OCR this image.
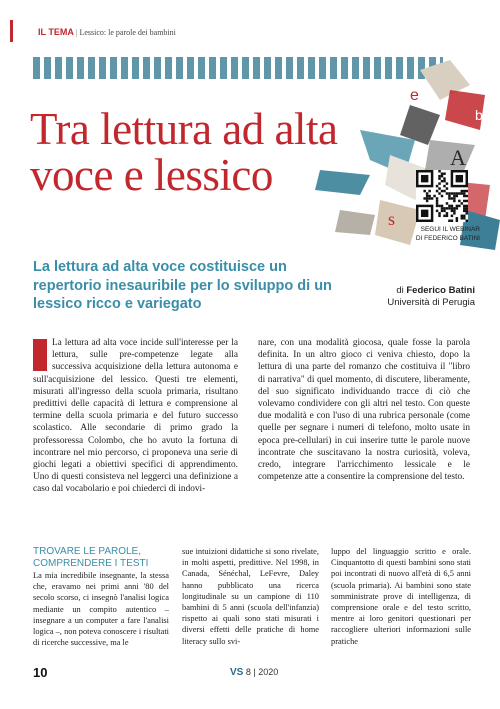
IL TEMA | Lessico: le parole dei bambini
A
e
s
b
Tra lettura ad alta
voce e lessico
SEGUI IL WEBINAR
DI FEDERICO BATINI
La lettura ad alta voce costituisce un repertorio inesauribile per lo sviluppo di un lessico ricco e variegato
di Federico Batini
Università di Perugia
La lettura ad alta voce incide sull'interesse per la lettura, sulle pre-competenze legate alla successiva acquisizione della lettura autonoma e sull'acquisizione del lessico. Questi tre elementi, misurati all'ingresso della scuola primaria, risultano predittivi delle capacità di lettura e comprensione al termine della scuola primaria e del futuro successo scolastico. Alle secondarie di primo grado la professoressa Colombo, che ho avuto la fortuna di incontrare nel mio percorso, ci proponeva una serie di giochi legati a obiettivi specifici di apprendimento. Uno di questi consisteva nel leggerci una definizione a caso dal vocabolario e poi chiederci di indovi-
nare, con una modalità giocosa, quale fosse la parola definita. In un altro gioco ci veniva chiesto, dopo la lettura di una parte del romanzo che costituiva il "libro di narrativa" di quel momento, di discutere, liberamente, del suo significato individuando tracce di ciò che volevamo condividere con gli altri nel testo. Con queste due modalità e con l'uso di una rubrica personale (come quelle per segnare i numeri di telefono, molto usate in epoca pre-cellulari) in cui inserire tutte le parole nuove incontrate che suscitavano la nostra curiosità, voleva, credo, integrare l'arricchimento lessicale e le competenze atte a consentire la comprensione del testo.
TROVARE LE PAROLE, COMPRENDERE I TESTI
La mia incredibile insegnante, la stessa che, eravamo nei primi anni '80 del secolo scorso, ci insegnò l'analisi logica mediante un compito autentico – insegnare a un computer a fare l'analisi logica –, non poteva conoscere i risultati di ricerche successive, ma le
sue intuizioni didattiche si sono rivelate, in molti aspetti, predittive. Nel 1998, in Canada, Sénéchal, LeFevre, Daley hanno pubblicato una ricerca longitudinale su un campione di 110 bambini di 5 anni (scuola dell'infanzia) rispetto ai quali sono stati misurati i diversi effetti delle pratiche di home literacy sullo svi-
luppo del linguaggio scritto e orale. Cinquantotto di questi bambini sono stati poi incontrati di nuovo all'età di 6,5 anni (scuola primaria). Ai bambini sono state somministrate prove di intelligenza, di comprensione orale e del testo scritto, mentre ai loro genitori questionari per raccogliere ulteriori informazioni sulle pratiche
10	VS 8 | 2020
